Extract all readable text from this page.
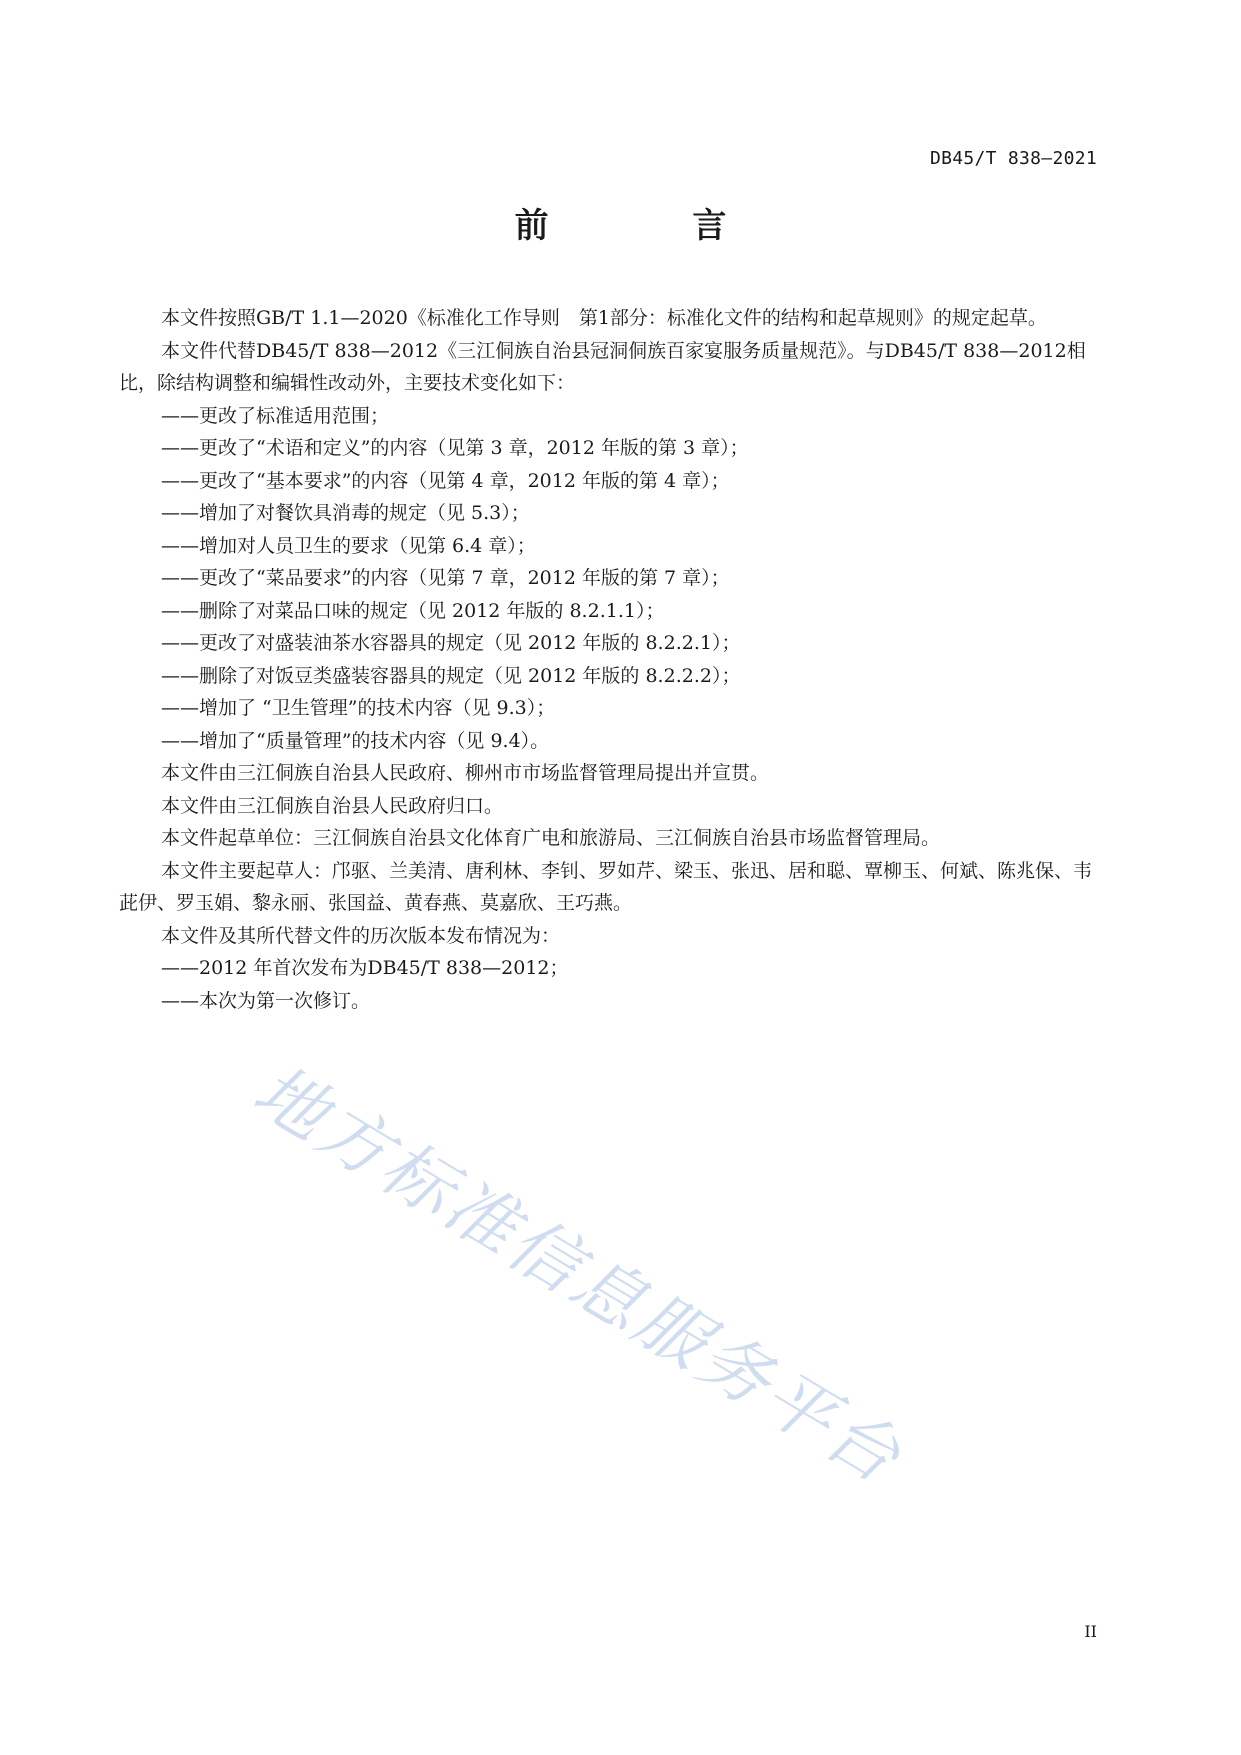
DB45/T 838—2021
前 言

本文件按照GB/T 1.1—2020《标准化工作导则　第1部分：标准化文件的结构和起草规则》的规定起草。

本文件代替DB45/T 838—2012《三江侗族自治县冠洞侗族百家宴服务质量规范》。与DB45/T 838—2012相比，除结构调整和编辑性改动外，主要技术变化如下：

——更改了标准适用范围；

——更改了“术语和定义”的内容（见第 3 章，2012 年版的第 3 章）；

——更改了“基本要求”的内容（见第 4 章，2012 年版的第 4 章）；

——增加了对餐饮具消毒的规定（见 5.3）；

——增加对人员卫生的要求（见第 6.4 章）；

——更改了“菜品要求”的内容（见第 7 章，2012 年版的第 7 章）；

——删除了对菜品口味的规定（见 2012 年版的 8.2.1.1）；

——更改了对盛装油茶水容器具的规定（见 2012 年版的 8.2.2.1）；

——删除了对饭豆类盛装容器具的规定（见 2012 年版的 8.2.2.2）；

——增加了 “卫生管理”的技术内容（见 9.3）；

——增加了“质量管理”的技术内容（见 9.4）。

本文件由三江侗族自治县人民政府、柳州市市场监督管理局提出并宣贯。

本文件由三江侗族自治县人民政府归口。

本文件起草单位：三江侗族自治县文化体育广电和旅游局、三江侗族自治县市场监督管理局。

本文件主要起草人：邝驱、兰美清、唐利林、李钊、罗如芹、梁玉、张迅、居和聪、覃柳玉、何斌、陈兆保、韦茈伊、罗玉娟、黎永丽、张国益、黄春燕、莫嘉欣、王巧燕。

本文件及其所代替文件的历次版本发布情况为：

——2012 年首次发布为DB45/T 838—2012；

——本次为第一次修订。

地方标准信息服务平台
II
